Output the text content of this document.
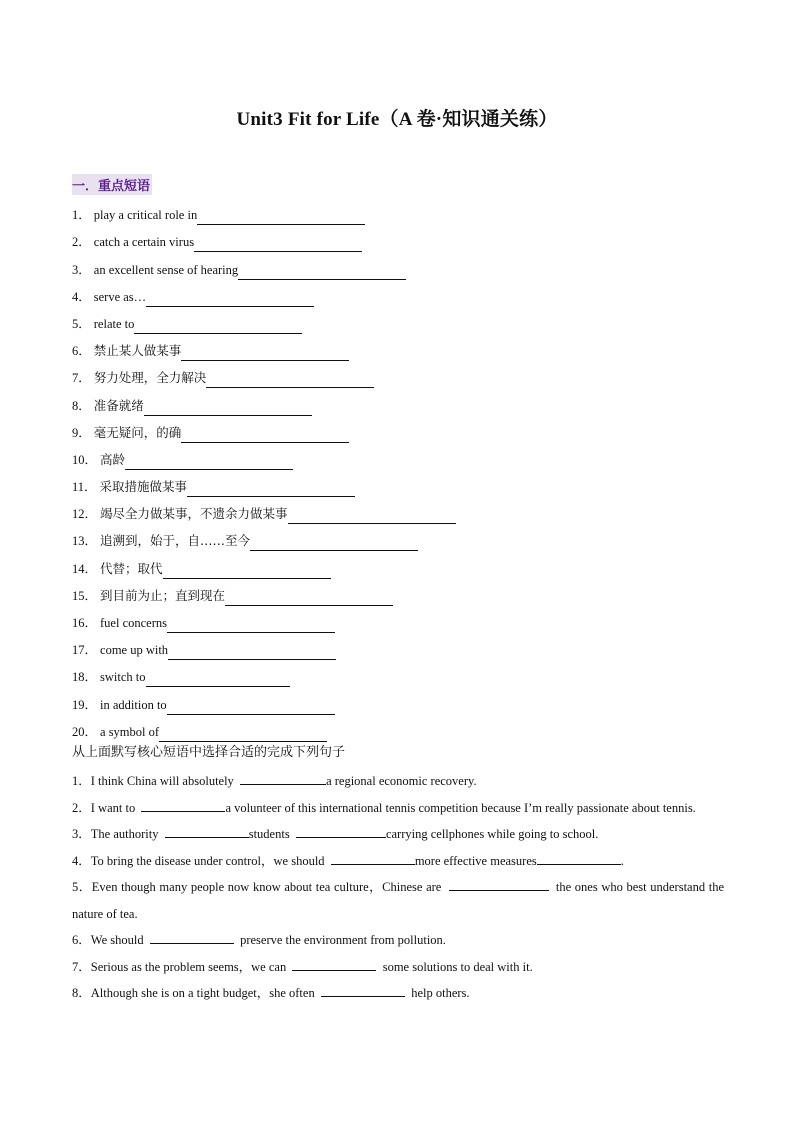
Unit3 Fit for Life（A 卷·知识通关练）
一．重点短语
1． play a critical role in
2． catch a certain virus
3． an excellent sense of hearing
4． serve as…
5． relate to
6． 禁止某人做某事
7． 努力处理，全力解决
8． 准备就绪
9． 毫无疑问，的确
10． 高龄
11． 采取措施做某事
12． 竭尽全力做某事，不遗余力做某事
13． 追溯到，始于，自……至今
14． 代替；取代
15． 到目前为止；直到现在
16． fuel concerns
17． come up with
18． switch to
19． in addition to
20． a symbol of
从上面默写核心短语中选择合适的完成下列句子
1．I think China will absolutely	a regional economic recovery.
2．I want to	a volunteer of this international tennis competition because I’m really passionate about tennis.
3．The authority	students	carrying cellphones while going to school.
4．To bring the disease under control，we should	more effective measures	.
5．Even though many people now know about tea culture，Chinese are	the ones who best understand the nature of tea.
6．We should	preserve the environment from pollution.
7．Serious as the problem seems，we can	some solutions to deal with it.
8．Although she is on a tight budget，she often	help others.
